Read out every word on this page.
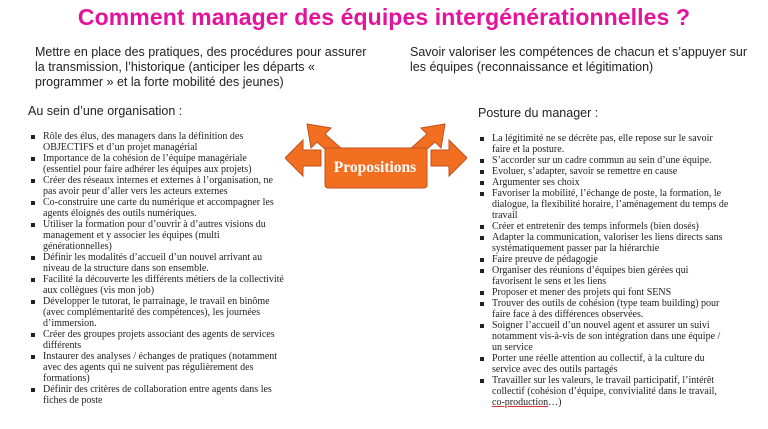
Comment manager des équipes intergénérationnelles ?
Mettre en place des pratiques, des procédures pour assurer la transmission, l’historique (anticiper les départs « programmer » et la forte mobilité des jeunes)
Savoir valoriser les compétences de chacun et s’appuyer sur les équipes (reconnaissance et légitimation)
Au sein d’une organisation :
Rôle des élus, des managers dans la définition des OBJECTIFS et d’un projet managérial
Importance de la cohésion de l’équipe managériale (essentiel pour faire adhérer les équipes aux projets)
Créer des réseaux internes et externes à l’organisation, ne pas avoir peur d’aller vers les acteurs externes
Co-construire une carte du numérique et accompagner les agents éloignés des outils numériques.
Utiliser la formation pour d’ouvrir à d’autres visions du management et y associer les équipes (multi générationnelles)
Définir les modalités d’accueil d’un nouvel arrivant au niveau de la structure dans son ensemble.
Facilité la découverte les différents métiers de la collectivité aux collègues (vis mon job)
Développer le tutorat, le parrainage, le travail en binôme (avec complémentarité des compétences), les journées d’immersion.
Créer des groupes projets associant des agents de services différents
Instaurer des analyses / échanges de pratiques (notamment avec des agents qui ne suivent pas régulièrement des formations)
Définir des critères de collaboration entre agents dans les fiches de poste
Propositions
Posture du manager :
La légitimité ne se décrète pas, elle repose sur le savoir faire et la posture.
S’accorder sur un cadre commun au sein d’une équipe.
Evoluer, s’adapter, savoir se remettre en cause
Argumenter ses choix
Favoriser la mobilité, l’échange de poste, la formation, le dialogue, la flexibilité horaire, l’aménagement du temps de travail
Créer et entretenir des temps informels (bien dosés)
Adapter la communication, valoriser les liens directs sans systématiquement passer par la hiérarchie
Faire preuve de pédagogie
Organiser des réunions d’équipes bien gérées qui favorisent le sens et les liens
Proposer et mener des projets qui font SENS
Trouver des outils de cohésion (type team building) pour faire face à des différences observées.
Soigner l’accueil d’un nouvel agent et assurer un suivi notamment vis-à-vis de son intégration dans une équipe / un service
Porter une réelle attention au collectif, à la culture du service avec des outils partagés
Travailler sur les valeurs, le travail participatif, l’intérêt collectif (cohésion d’équipe, convivialité dans le travail, co-production…)
